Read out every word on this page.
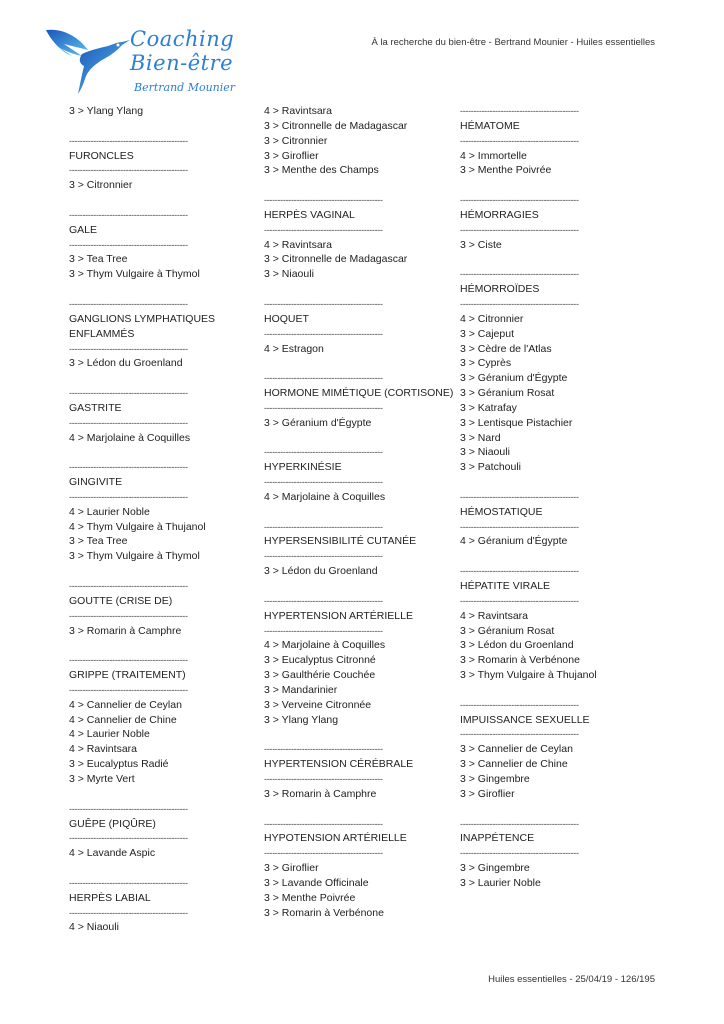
Coaching
Bien-être
Bertrand Mounier
À la recherche du bien-être - Bertrand Mounier - Huiles essentielles
3 > Ylang Ylang
--------------------------------------------
FURONCLES
--------------------------------------------
3 > Citronnier
--------------------------------------------
GALE
--------------------------------------------
3 > Tea Tree
3 > Thym Vulgaire à Thymol
--------------------------------------------
GANGLIONS LYMPHATIQUES
ENFLAMMÉS
--------------------------------------------
3 > Lédon du Groenland
--------------------------------------------
GASTRITE
--------------------------------------------
4 > Marjolaine à Coquilles
--------------------------------------------
GINGIVITE
--------------------------------------------
4 > Laurier Noble
4 > Thym Vulgaire à Thujanol
3 > Tea Tree
3 > Thym Vulgaire à Thymol
--------------------------------------------
GOUTTE (CRISE DE)
--------------------------------------------
3 > Romarin à Camphre
--------------------------------------------
GRIPPE (TRAITEMENT)
--------------------------------------------
4 > Cannelier de Ceylan
4 > Cannelier de Chine
4 > Laurier Noble
4 > Ravintsara
3 > Eucalyptus Radié
3 > Myrte Vert
--------------------------------------------
GUÊPE (PIQÛRE)
--------------------------------------------
4 > Lavande Aspic
--------------------------------------------
HERPÈS LABIAL
--------------------------------------------
4 > Niaouli
4 > Ravintsara
3 > Citronnelle de Madagascar
3 > Citronnier
3 > Giroflier
3 > Menthe des Champs
--------------------------------------------
HERPÈS VAGINAL
--------------------------------------------
4 > Ravintsara
3 > Citronnelle de Madagascar
3 > Niaouli
--------------------------------------------
HOQUET
--------------------------------------------
4 > Estragon
--------------------------------------------
HORMONE MIMÉTIQUE (CORTISONE)
--------------------------------------------
3 > Géranium d'Égypte
--------------------------------------------
HYPERKINÉSIE
--------------------------------------------
4 > Marjolaine à Coquilles
--------------------------------------------
HYPERSENSIBILITÉ CUTANÉE
--------------------------------------------
3 > Lédon du Groenland
--------------------------------------------
HYPERTENSION ARTÉRIELLE
--------------------------------------------
4 > Marjolaine à Coquilles
3 > Eucalyptus Citronné
3 > Gaulthérie Couchée
3 > Mandarinier
3 > Verveine Citronnée
3 > Ylang Ylang
--------------------------------------------
HYPERTENSION CÉRÉBRALE
--------------------------------------------
3 > Romarin à Camphre
--------------------------------------------
HYPOTENSION ARTÉRIELLE
--------------------------------------------
3 > Giroflier
3 > Lavande Officinale
3 > Menthe Poivrée
3 > Romarin à Verbénone
--------------------------------------------
HÉMATOME
--------------------------------------------
4 > Immortelle
3 > Menthe Poivrée
--------------------------------------------
HÉMORRAGIES
--------------------------------------------
3 > Ciste
--------------------------------------------
HÉMORROÏDES
--------------------------------------------
4 > Citronnier
3 > Cajeput
3 > Cèdre de l'Atlas
3 > Cyprès
3 > Géranium d'Égypte
3 > Géranium Rosat
3 > Katrafay
3 > Lentisque Pistachier
3 > Nard
3 > Niaouli
3 > Patchouli
--------------------------------------------
HÉMOSTATIQUE
--------------------------------------------
4 > Géranium d'Égypte
--------------------------------------------
HÉPATITE VIRALE
--------------------------------------------
4 > Ravintsara
3 > Géranium Rosat
3 > Lédon du Groenland
3 > Romarin à Verbénone
3 > Thym Vulgaire à Thujanol
--------------------------------------------
IMPUISSANCE SEXUELLE
--------------------------------------------
3 > Cannelier de Ceylan
3 > Cannelier de Chine
3 > Gingembre
3 > Giroflier
--------------------------------------------
INAPPÉTENCE
--------------------------------------------
3 > Gingembre
3 > Laurier Noble
Huiles essentielles - 25/04/19 - 126/195
